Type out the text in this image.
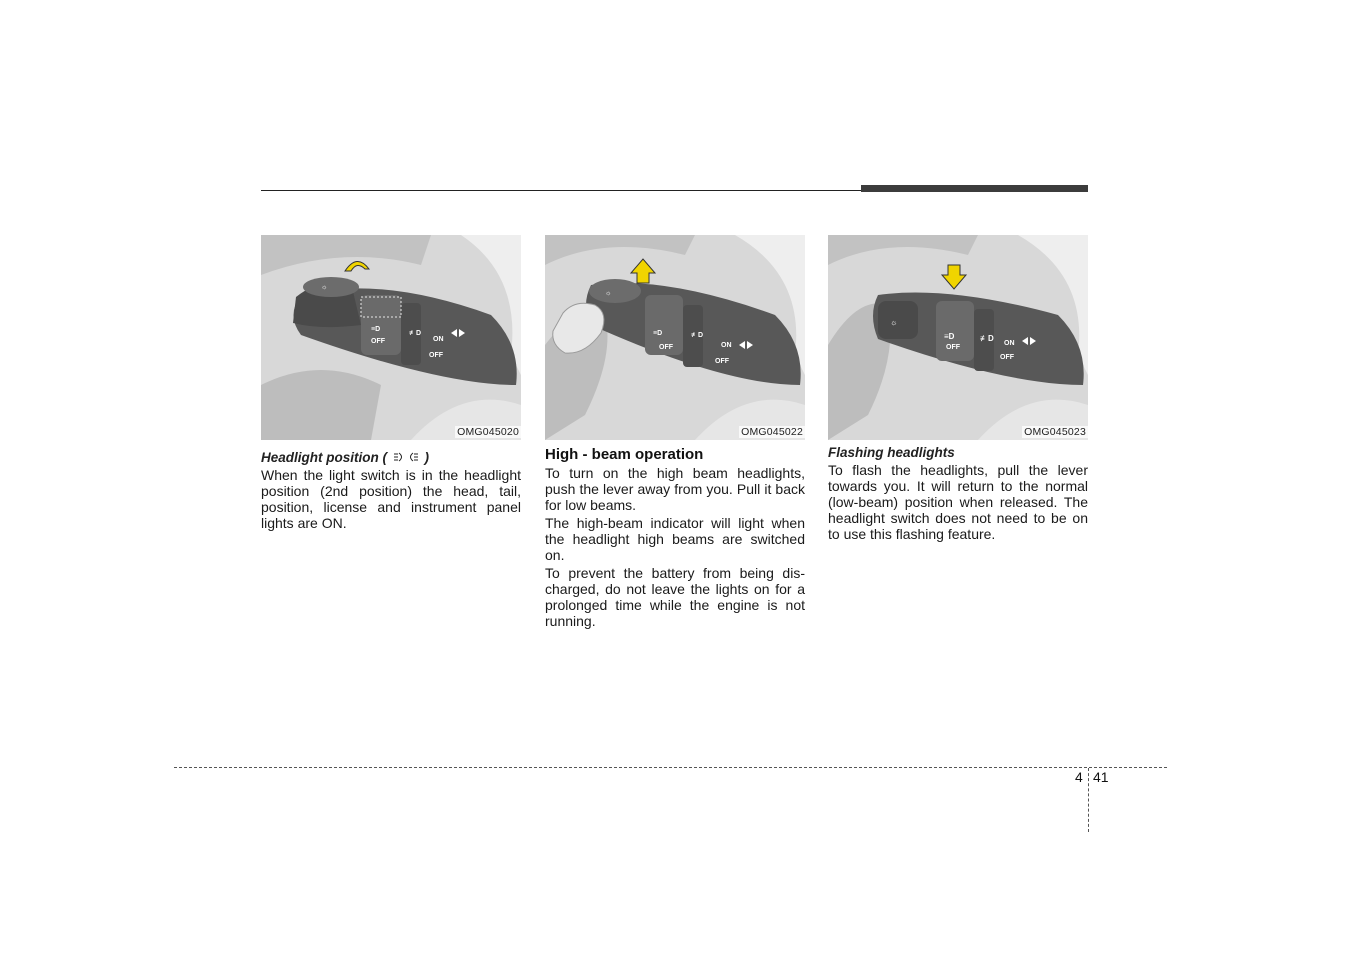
☼
≡D
≢D
OFF	ON
OFF
OMG045020
Headlight position (	)

When the light switch is in the headlight position (2nd position) the head, tail, position, license and instrument panel lights are ON.

☼
≡D	≢D
OFF	ON
OFF
OMG045022
High - beam operation

To turn on the high beam headlights, push the lever away from you. Pull it back for low beams.

The high-beam indicator will light when the headlight high beams are switched on.

To prevent the battery from being dis-charged, do not leave the lights on for a prolonged time while the engine is not running.

☼
≡D	≢D
OFF
ON
OFF
OMG045023
Flashing headlights

To flash the headlights, pull the lever towards you. It will return to the normal (low-beam) position when released. The headlight switch does not need to be on to use this flashing feature.

4 41
